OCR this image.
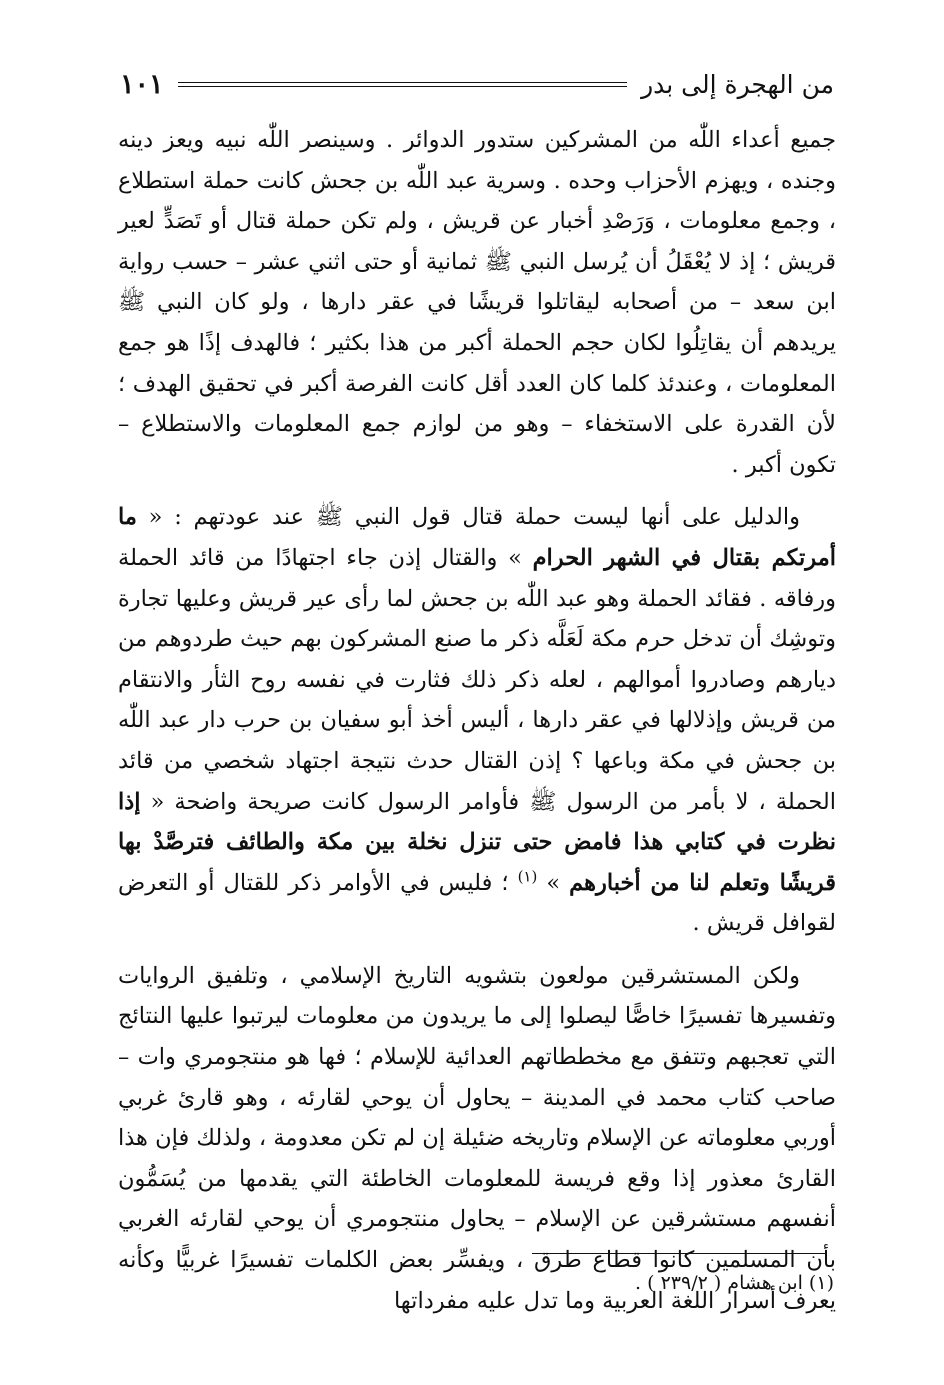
من الهجرة إلى بدر
١٠١

جميع أعداء اللّٰه من المشركين ستدور الدوائر . وسينصر اللّٰه نبيه ويعز دينه وجنده ، ويهزم الأحزاب وحده . وسرية عبد اللّٰه بن جحش كانت حملة استطلاع ، وجمع معلومات ، وَرَصْدِ أخبار عن قريش ، ولم تكن حملة قتال أو تَصَدٍّ لعير قريش ؛ إذ لا يُعْقَلُ أن يُرسل النبي ﷺ ثمانية أو حتى اثني عشر – حسب رواية ابن سعد – من أصحابه ليقاتلوا قريشًا في عقر دارها ، ولو كان النبي ﷺ يريدهم أن يقاتِلُوا لكان حجم الحملة أكبر من هذا بكثير ؛ فالهدف إذًا هو جمع المعلومات ، وعندئذ كلما كان العدد أقل كانت الفرصة أكبر في تحقيق الهدف ؛ لأن القدرة على الاستخفاء – وهو من لوازم جمع المعلومات والاستطلاع – تكون أكبر .

والدليل على أنها ليست حملة قتال قول النبي ﷺ عند عودتهم : « ما أمرتكم بقتال في الشهر الحرام » والقتال إذن جاء اجتهادًا من قائد الحملة ورفاقه . فقائد الحملة وهو عبد اللّٰه بن جحش لما رأى عير قريش وعليها تجارة وتوشِك أن تدخل حرم مكة لَعَلَّه ذكر ما صنع المشركون بهم حيث طردوهم من ديارهم وصادروا أموالهم ، لعله ذكر ذلك فثارت في نفسه روح الثأر والانتقام من قريش وإذلالها في عقر دارها ، أليس أخذ أبو سفيان بن حرب دار عبد اللّٰه بن جحش في مكة وباعها ؟ إذن القتال حدث نتيجة اجتهاد شخصي من قائد الحملة ، لا بأمر من الرسول ﷺ فأوامر الرسول كانت صريحة واضحة « إذا نظرت في كتابي هذا فامض حتى تنزل نخلة بين مكة والطائف فترصَّدْ بها قريشًا وتعلم لنا من أخبارهم » $^{(١)}$ ؛ فليس في الأوامر ذكر للقتال أو التعرض لقوافل قريش .

ولكن المستشرقين مولعون بتشويه التاريخ الإسلامي ، وتلفيق الروايات وتفسيرها تفسيرًا خاصًّا ليصلوا إلى ما يريدون من معلومات ليرتبوا عليها النتائج التي تعجبهم وتتفق مع مخططاتهم العدائية للإسلام ؛ فها هو منتجومري وات – صاحب كتاب محمد في المدينة – يحاول أن يوحي لقارئه ، وهو قارئ غربي أوربي معلوماته عن الإسلام وتاريخه ضئيلة إن لم تكن معدومة ، ولذلك فإن هذا القارئ معذور إذا وقع فريسة للمعلومات الخاطئة التي يقدمها من يُسَمُّون أنفسهم مستشرقين عن الإسلام – يحاول منتجومري أن يوحي لقارئه الغربي بأن المسلمين كانوا قطاع طرق ، ويفسِّر بعض الكلمات تفسيرًا غربيًّا وكأنه يعرف أسرار اللغة العربية وما تدل عليه مفرداتها

(١) ابن هشام ( ٢٣٩/٢ ) .
